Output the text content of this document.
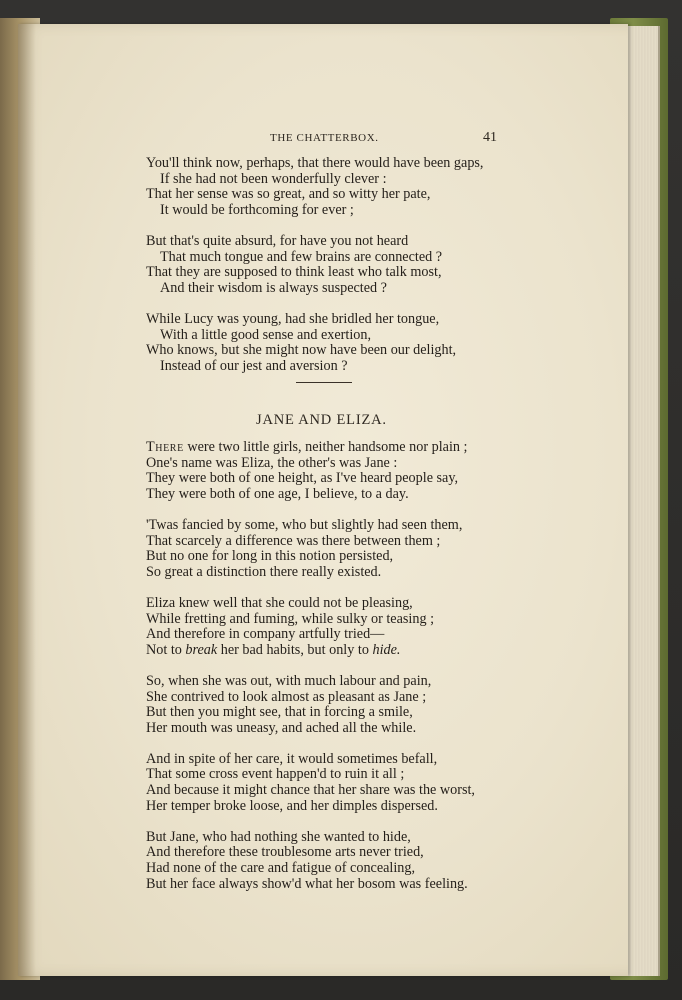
THE CHATTERBOX.	41
You'll think now, perhaps, that there would have been gaps,
If she had not been wonderfully clever :
That her sense was so great, and so witty her pate,
It would be forthcoming for ever ;
But that's quite absurd, for have you not heard
That much tongue and few brains are connected ?
That they are supposed to think least who talk most,
And their wisdom is always suspected ?
While Lucy was young, had she bridled her tongue,
With a little good sense and exertion,
Who knows, but she might now have been our delight,
Instead of our jest and aversion ?
JANE AND ELIZA.
There were two little girls, neither handsome nor plain ;
One's name was Eliza, the other's was Jane :
They were both of one height, as I've heard people say,
They were both of one age, I believe, to a day.
'Twas fancied by some, who but slightly had seen them,
That scarcely a difference was there between them ;
But no one for long in this notion persisted,
So great a distinction there really existed.
Eliza knew well that she could not be pleasing,
While fretting and fuming, while sulky or teasing ;
And therefore in company artfully tried—
Not to break her bad habits, but only to hide.
So, when she was out, with much labour and pain,
She contrived to look almost as pleasant as Jane ;
But then you might see, that in forcing a smile,
Her mouth was uneasy, and ached all the while.
And in spite of her care, it would sometimes befall,
That some cross event happen'd to ruin it all ;
And because it might chance that her share was the worst,
Her temper broke loose, and her dimples dispersed.
But Jane, who had nothing she wanted to hide,
And therefore these troublesome arts never tried,
Had none of the care and fatigue of concealing,
But her face always show'd what her bosom was feeling.
